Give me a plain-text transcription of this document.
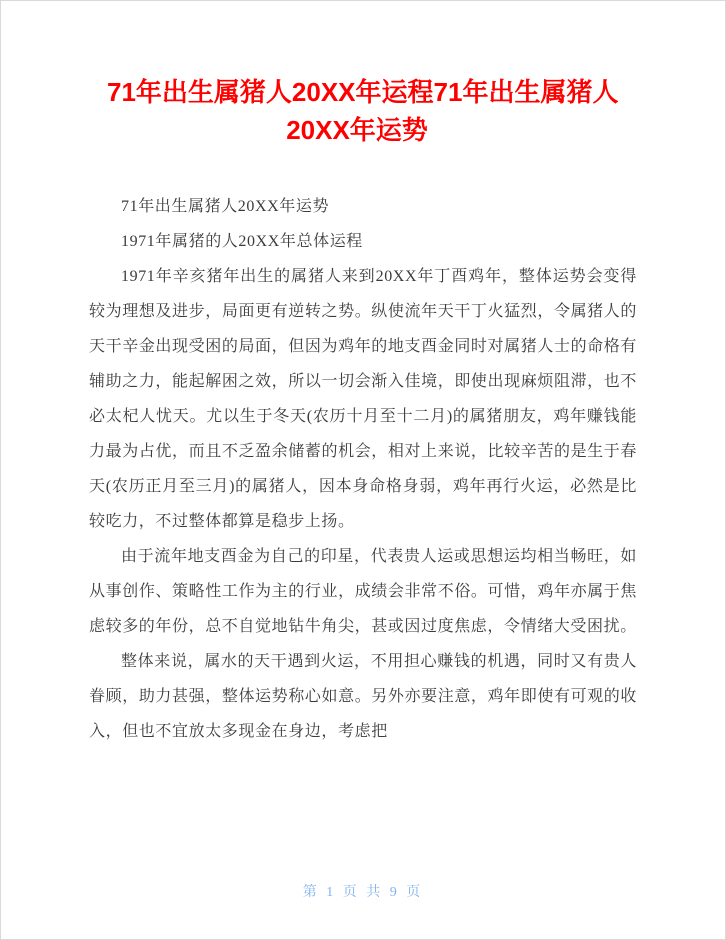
71年出生属猪人20XX年运程71年出生属猪人
20XX年运势

71年出生属猪人20XX年运势

1971年属猪的人20XX年总体运程

1971年辛亥猪年出生的属猪人来到20XX年丁酉鸡年，整体运势会变得较为理想及进步，局面更有逆转之势。纵使流年天干丁火猛烈，令属猪人的天干辛金出现受困的局面，但因为鸡年的地支酉金同时对属猪人士的命格有辅助之力，能起解困之效，所以一切会渐入佳境，即使出现麻烦阻滞，也不必太杞人忧天。尤以生于冬天(农历十月至十二月)的属猪朋友，鸡年赚钱能力最为占优，而且不乏盈余储蓄的机会，相对上来说，比较辛苦的是生于春天(农历正月至三月)的属猪人，因本身命格身弱，鸡年再行火运，必然是比较吃力，不过整体都算是稳步上扬。

由于流年地支酉金为自己的印星，代表贵人运或思想运均相当畅旺，如从事创作、策略性工作为主的行业，成绩会非常不俗。可惜，鸡年亦属于焦虑较多的年份，总不自觉地钻牛角尖，甚或因过度焦虑，令情绪大受困扰。

整体来说，属水的天干遇到火运，不用担心赚钱的机遇，同时又有贵人眷顾，助力甚强，整体运势称心如意。另外亦要注意，鸡年即使有可观的收入，但也不宜放太多现金在身边，考虑把

第 1 页 共 9 页
